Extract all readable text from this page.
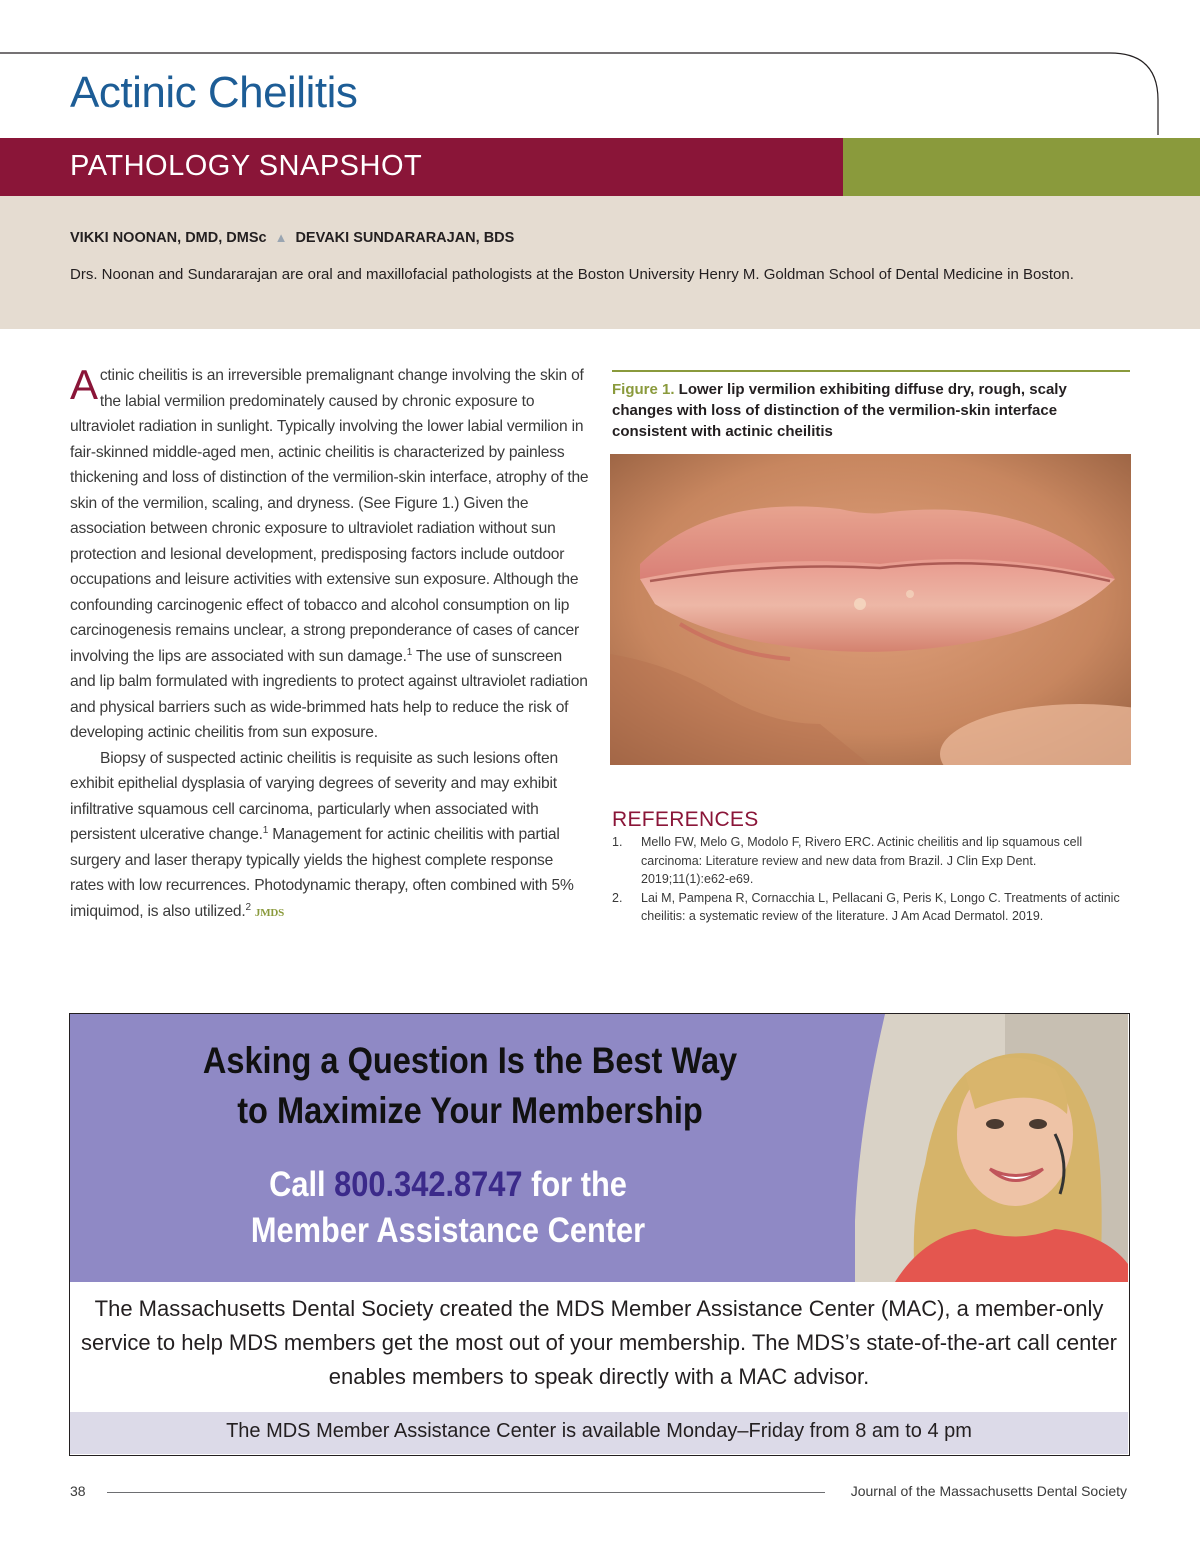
Actinic Cheilitis
PATHOLOGY SNAPSHOT
VIKKI NOONAN, DMD, DMSc ▲ DEVAKI SUNDARARAJAN, BDS
Drs. Noonan and Sundararajan are oral and maxillofacial pathologists at the Boston University Henry M. Goldman School of Dental Medicine in Boston.

Actinic cheilitis is an irreversible premalignant change involving the skin of the labial vermilion predominately caused by chronic exposure to ultraviolet radiation in sunlight. Typically involving the lower labial vermilion in fair-skinned middle-aged men, actinic cheilitis is characterized by painless thickening and loss of distinction of the vermilion-skin interface, atrophy of the skin of the vermilion, scaling, and dryness. (See Figure 1.) Given the association between chronic exposure to ultraviolet radiation without sun protection and lesional development, predisposing factors include outdoor occupations and leisure activities with extensive sun exposure. Although the confounding carcinogenic effect of tobacco and alcohol consumption on lip carcinogenesis remains unclear, a strong preponderance of cases of cancer involving the lips are associated with sun damage.$^1$ The use of sunscreen and lip balm formulated with ingredients to protect against ultraviolet radiation and physical barriers such as wide-brimmed hats help to reduce the risk of developing actinic cheilitis from sun exposure.

Biopsy of suspected actinic cheilitis is requisite as such lesions often exhibit epithelial dysplasia of varying degrees of severity and may exhibit infiltrative squamous cell carcinoma, particularly when associated with persistent ulcerative change.$^1$ Management for actinic cheilitis with partial surgery and laser therapy typically yields the highest complete response rates with low recurrences. Photodynamic therapy, often combined with 5% imiquimod, is also utilized.$^2$ JMDS

Figure 1. Lower lip vermilion exhibiting diffuse dry, rough, scaly changes with loss of distinction of the vermilion-skin interface consistent with actinic cheilitis
REFERENCES
1. Mello FW, Melo G, Modolo F, Rivero ERC. Actinic cheilitis and lip squamous cell carcinoma: Literature review and new data from Brazil. J Clin Exp Dent. 2019;11(1):e62-e69.
2. Lai M, Pampena R, Cornacchia L, Pellacani G, Peris K, Longo C. Treatments of actinic cheilitis: a systematic review of the literature. J Am Acad Dermatol. 2019.
Asking a Question Is the Best Way
to Maximize Your Membership
Call 800.342.8747 for the
Member Assistance Center
The Massachusetts Dental Society created the MDS Member Assistance Center (MAC), a member-only service to help MDS members get the most out of your membership. The MDS’s state-of-the-art call center enables members to speak directly with a MAC advisor.
The MDS Member Assistance Center is available Monday–Friday from 8 am to 4 pm
38	Journal of the Massachusetts Dental Society
